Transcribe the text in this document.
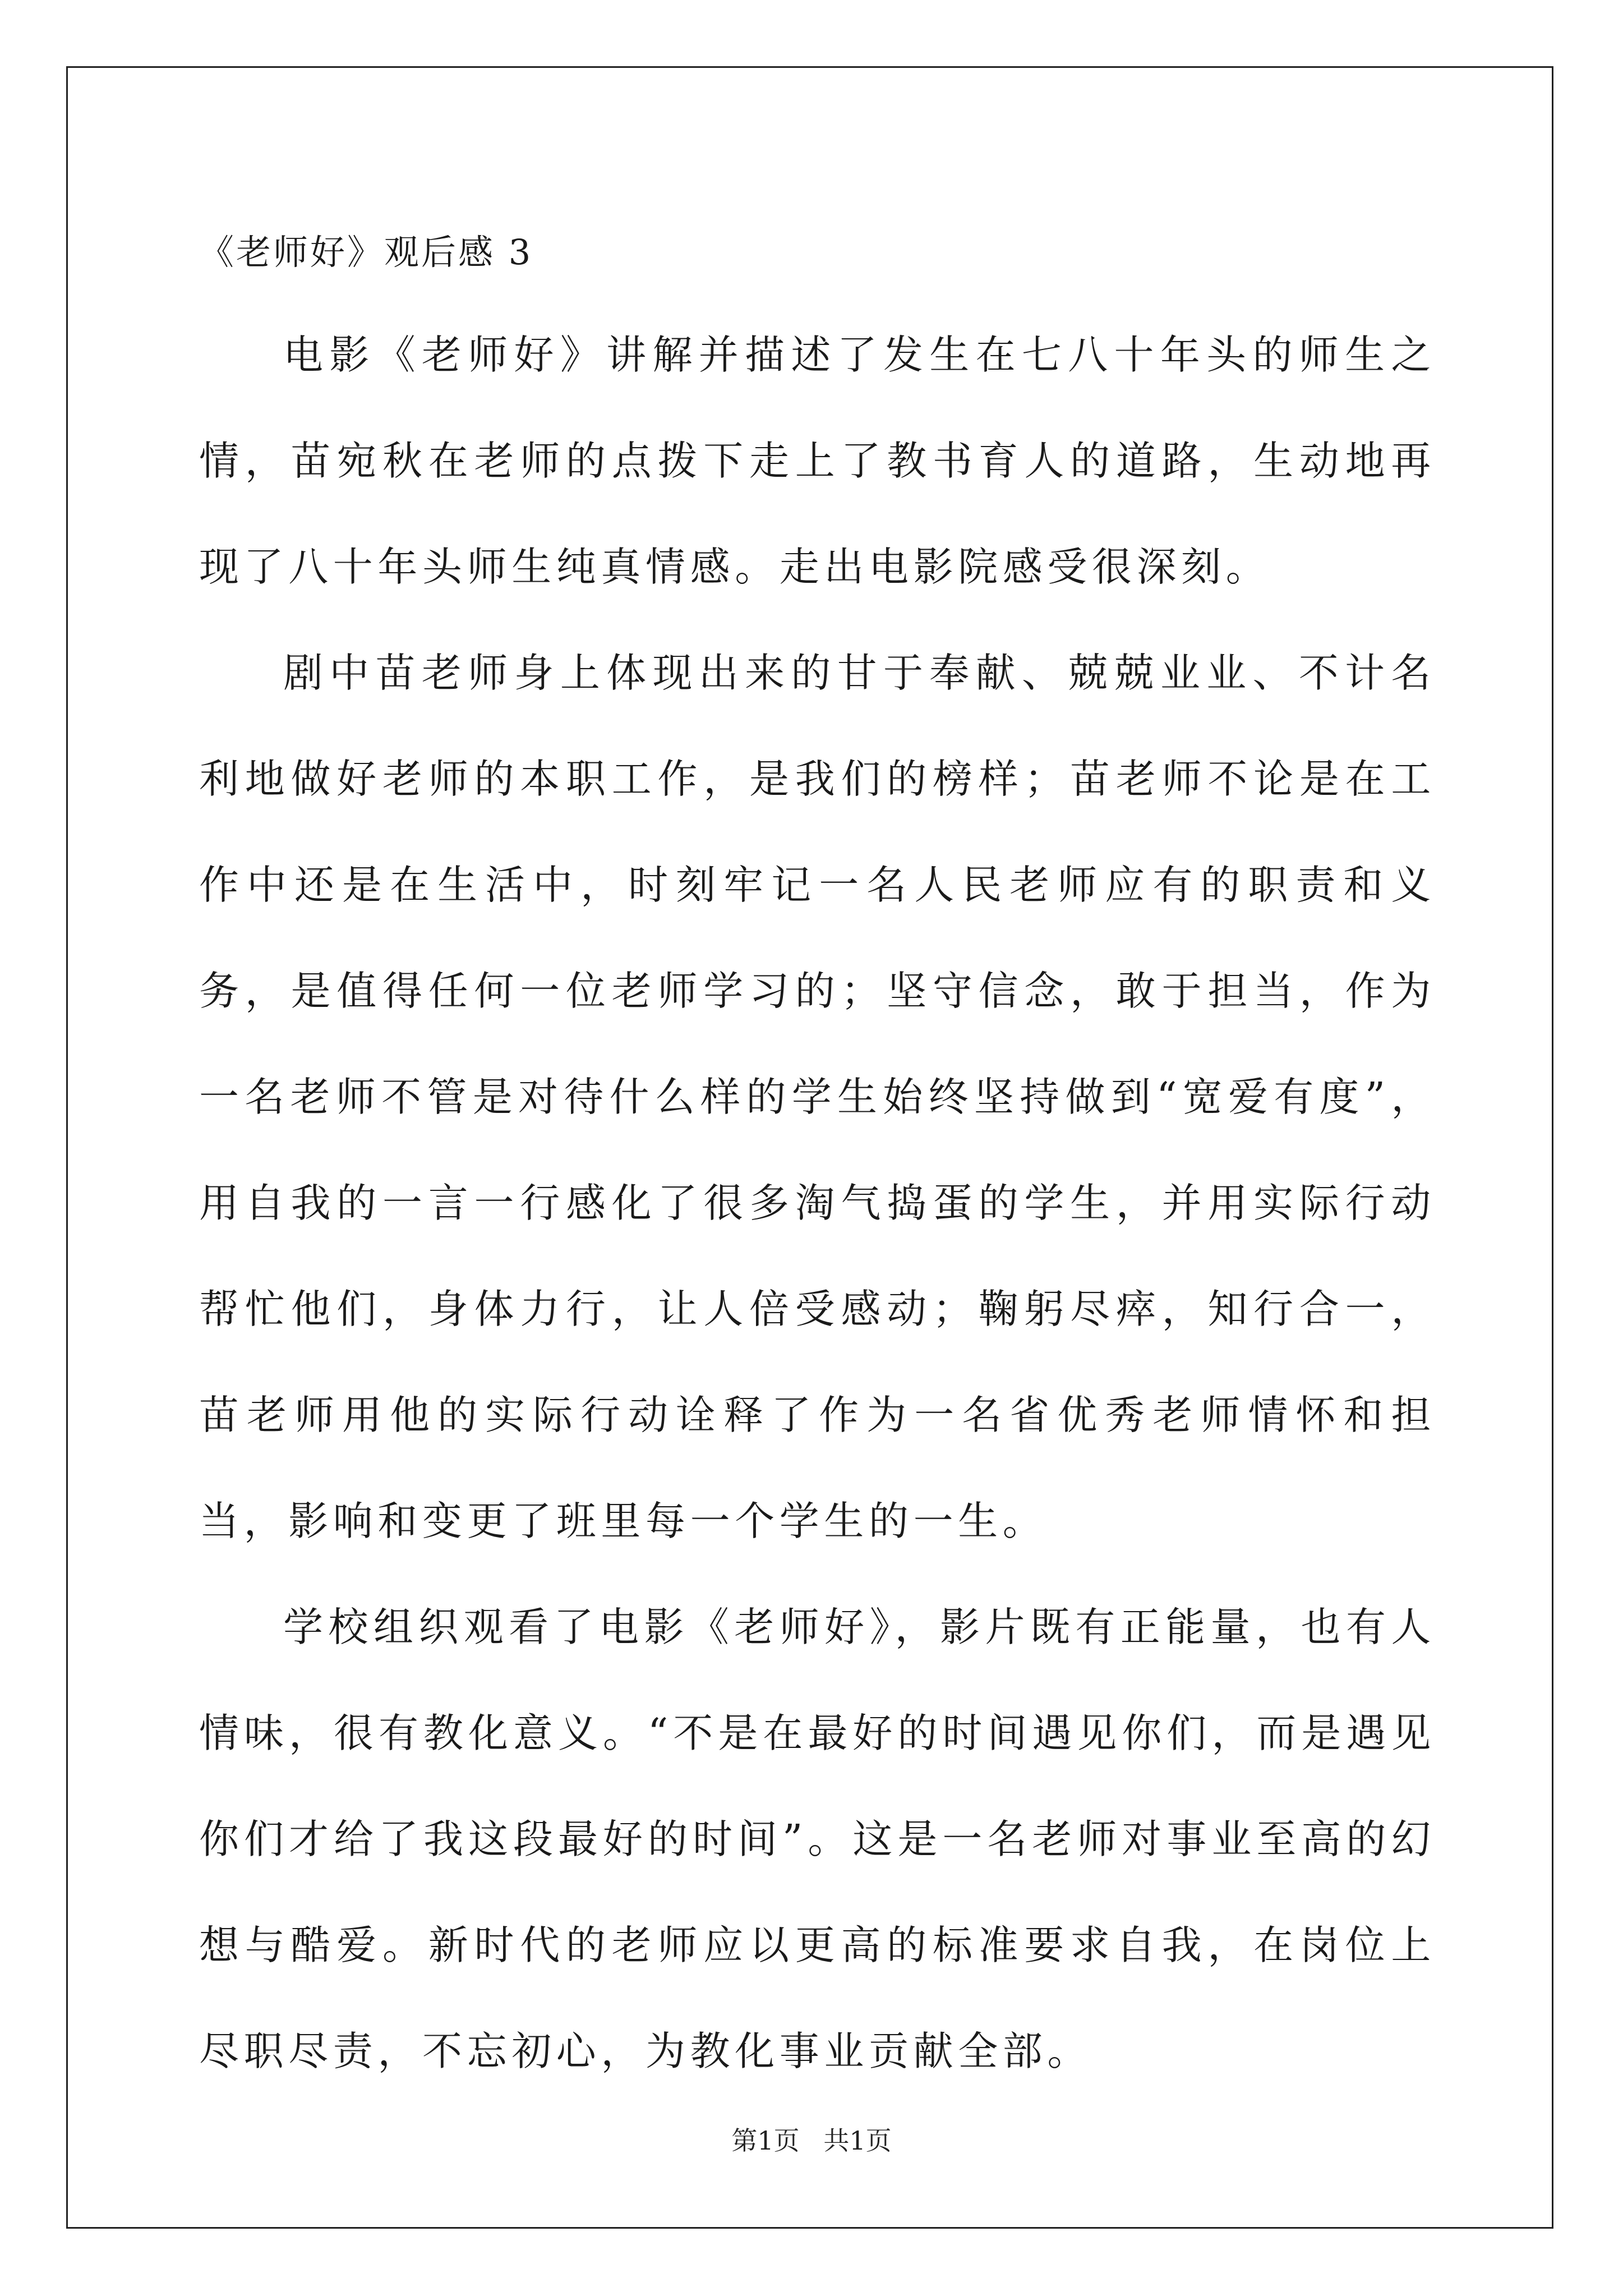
《老师好》观后感 3

电影《老师好》讲解并描述了发生在七八十年头的师生之情，苗宛秋在老师的点拨下走上了教书育人的道路，生动地再现了八十年头师生纯真情感。走出电影院感受很深刻。

剧中苗老师身上体现出来的甘于奉献、兢兢业业、不计名利地做好老师的本职工作，是我们的榜样；苗老师不论是在工作中还是在生活中，时刻牢记一名人民老师应有的职责和义务，是值得任何一位老师学习的；坚守信念，敢于担当，作为一名老师不管是对待什么样的学生始终坚持做到“宽爱有度”，用自我的一言一行感化了很多淘气捣蛋的学生，并用实际行动帮忙他们，身体力行，让人倍受感动；鞠躬尽瘁，知行合一，苗老师用他的实际行动诠释了作为一名省优秀老师情怀和担当，影响和变更了班里每一个学生的一生。

学校组织观看了电影《老师好》，影片既有正能量，也有人情味，很有教化意义。“不是在最好的时间遇见你们，而是遇见你们才给了我这段最好的时间”。这是一名老师对事业至高的幻想与酷爱。新时代的老师应以更高的标准要求自我，在岗位上尽职尽责，不忘初心，为教化事业贡献全部。

第1页 共1页
